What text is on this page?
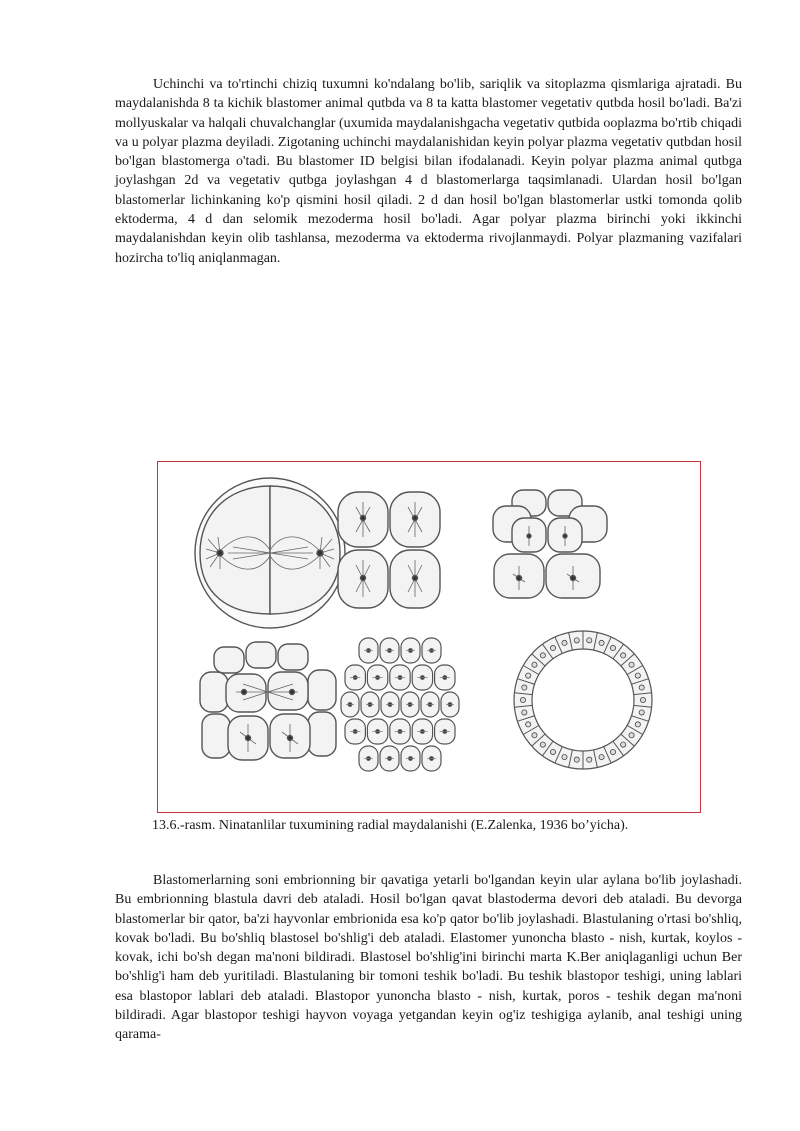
Uchinchi va to'rtinchi chiziq tuxumni ko'ndalang bo'lib, sariqlik va sitoplazma qismlariga ajratadi. Bu maydalanishda 8 ta kichik blastomer animal qutbda va 8 ta katta blastomer vegetativ qutbda hosil bo'ladi. Ba'zi mollyuskalar va halqali chuvalchanglar (uxumida maydalanishgacha vegetativ qutbida ooplazma bo'rtib chiqadi va u polyar plazma deyiladi. Zigotaning uchinchi maydalanishidan keyin polyar plazma vegetativ qutbdan hosil bo'lgan blastomerga o'tadi. Bu blastomer ID belgisi bilan ifodalanadi. Keyin polyar plazma animal qutbga joylashgan 2d va vegetativ qutbga joylashgan 4 d blastomerlarga taqsimlanadi. Ulardan hosil bo'lgan blastomerlar lichinkaning ko'p qismini hosil qiladi. 2 d dan hosil bo'lgan blastomerlar ustki tomonda qolib ektoderma, 4 d dan selomik mezoderma hosil bo'ladi. Agar polyar plazma birinchi yoki ikkinchi maydalanishdan keyin olib tashlansa, mezoderma va ektoderma rivojlanmaydi. Polyar plazmaning vazifalari hozircha to'liq aniqlanmagan.

13.6.-rasm. Ninatanlilar tuxumining radial maydalanishi (E.Zalenka, 1936 bo’yicha).

Blastomerlarning soni embrionning bir qavatiga yetarli bo'lgandan keyin ular aylana bo'lib joylashadi. Bu embrionning blastula davri deb ataladi. Hosil bo'lgan qavat blastoderma devori deb ataladi. Bu devorga blastomerlar bir qator, ba'zi hayvonlar embrionida esa ko'p qator bo'lib joylashadi. Blastulaning o'rtasi bo'shliq, kovak bo'ladi. Bu bo'shliq blastosel bo'shlig'i deb ataladi. Elastomer yunoncha blasto - nish, kurtak, koylos - kovak, ichi bo'sh degan ma'noni bildiradi. Blastosel bo'shlig'ini birinchi marta K.Ber aniqlaganligi uchun Ber bo'shlig'i ham deb yuritiladi. Blastulaning bir tomoni teshik bo'ladi. Bu teshik blastopor teshigi, uning lablari esa blastopor lablari deb ataladi. Blastopor yunoncha blasto - nish, kurtak, poros - teshik degan ma'noni bildiradi. Agar blastopor teshigi hayvon voyaga yetgandan keyin og'iz teshigiga aylanib, anal teshigi uning qarama-
